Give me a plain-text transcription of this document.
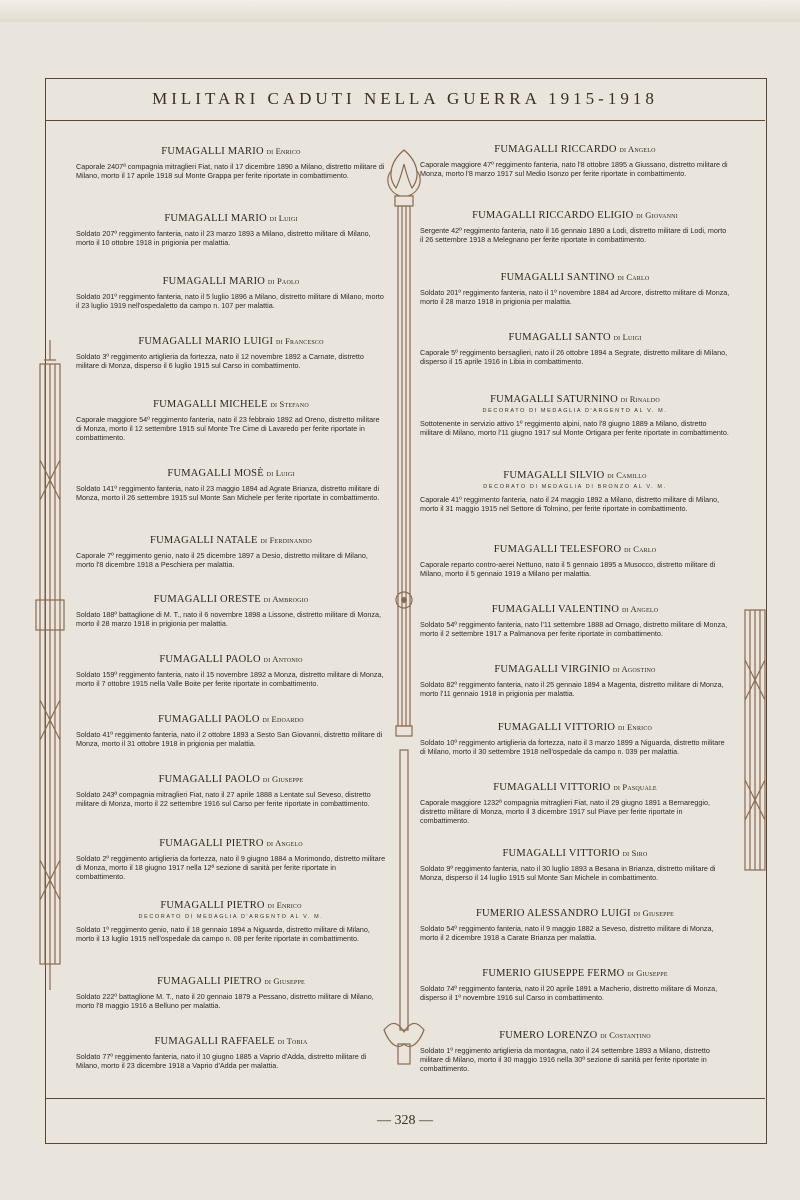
MILITARI CADUTI NELLA GUERRA 1915-1918
FUMAGALLI MARIO di Enrico
Caporale 2407ª compagnia mitraglieri Fiat, nato il 17 dicembre 1890 a Milano, distretto militare di Milano, morto il 17 aprile 1918 sul Monte Grappa per ferite riportate in combattimento.
FUMAGALLI MARIO di Luigi
Soldato 207º reggimento fanteria, nato il 23 marzo 1893 a Milano, distretto militare di Milano, morto il 10 ottobre 1918 in prigionia per malattia.
FUMAGALLI MARIO di Paolo
Soldato 201º reggimento fanteria, nato il 5 luglio 1896 a Milano, distretto militare di Milano, morto il 23 luglio 1919 nell'ospedaletto da campo n. 107 per malattia.
FUMAGALLI MARIO LUIGI di Francesco
Soldato 3º reggimento artiglieria da fortezza, nato il 12 novembre 1892 a Carnate, distretto militare di Monza, disperso il 6 luglio 1915 sul Carso in combattimento.
FUMAGALLI MICHELE di Stefano
Caporale maggiore 54º reggimento fanteria, nato il 23 febbraio 1892 ad Oreno, distretto militare di Monza, morto il 12 settembre 1915 sul Monte Tre Cime di Lavaredo per ferite riportate in combattimento.
FUMAGALLI MOSÈ di Luigi
Soldato 141º reggimento fanteria, nato il 23 maggio 1894 ad Agrate Brianza, distretto militare di Monza, morto il 26 settembre 1915 sul Monte San Michele per ferite riportate in combattimento.
FUMAGALLI NATALE di Ferdinando
Caporale 7º reggimento genio, nato il 25 dicembre 1897 a Desio, distretto militare di Milano, morto l'8 dicembre 1918 a Peschiera per malattia.
FUMAGALLI ORESTE di Ambrogio
Soldato 188º battaglione di M. T., nato il 6 novembre 1898 a Lissone, distretto militare di Monza, morto il 28 marzo 1918 in prigionia per malattia.
FUMAGALLI PAOLO di Antonio
Soldato 159º reggimento fanteria, nato il 15 novembre 1892 a Monza, distretto militare di Monza, morto il 7 ottobre 1915 nella Valle Boite per ferite riportate in combattimento.
FUMAGALLI PAOLO di Edoardo
Soldato 41º reggimento fanteria, nato il 2 ottobre 1893 a Sesto San Giovanni, distretto militare di Monza, morto il 31 ottobre 1918 in prigionia per malattia.
FUMAGALLI PAOLO di Giuseppe
Soldato 243ª compagnia mitraglieri Fiat, nato il 27 aprile 1888 a Lentate sul Seveso, distretto militare di Monza, morto il 22 settembre 1916 sul Carso per ferite riportate in combattimento.
FUMAGALLI PIETRO di Angelo
Soldato 2º reggimento artiglieria da fortezza, nato il 9 giugno 1884 a Morimondo, distretto militare di Monza, morto il 18 giugno 1917 nella 12ª sezione di sanità per ferite riportate in combattimento.
FUMAGALLI PIETRO di Enrico
DECORATO DI MEDAGLIA D'ARGENTO AL V. M.
Soldato 1º reggimento genio, nato il 18 gennaio 1894 a Niguarda, distretto militare di Milano, morto il 13 luglio 1915 nell'ospedale da campo n. 08 per ferite riportate in combattimento.
FUMAGALLI PIETRO di Giuseppe
Soldato 222º battaglione M. T., nato il 20 gennaio 1879 a Pessano, distretto militare di Milano, morto l'8 maggio 1916 a Belluno per malattia.
FUMAGALLI RAFFAELE di Tobia
Soldato 77º reggimento fanteria, nato il 10 giugno 1885 a Vaprio d'Adda, distretto militare di Milano, morto il 23 dicembre 1918 a Vaprio d'Adda per malattia.
FUMAGALLI RICCARDO di Angelo
Caporale maggiore 47º reggimento fanteria, nato l'8 ottobre 1895 a Giussano, distretto militare di Monza, morto l'8 marzo 1917 sul Medio Isonzo per ferite riportate in combattimento.
FUMAGALLI RICCARDO ELIGIO di Giovanni
Sergente 42º reggimento fanteria, nato il 16 gennaio 1890 a Lodi, distretto militare di Lodi, morto il 26 settembre 1918 a Melegnano per ferite riportate in combattimento.
FUMAGALLI SANTINO di Carlo
Soldato 201º reggimento fanteria, nato il 1º novembre 1884 ad Arcore, distretto militare di Monza, morto il 28 marzo 1918 in prigionia per malattia.
FUMAGALLI SANTO di Luigi
Caporale 5º reggimento bersaglieri, nato il 26 ottobre 1894 a Segrate, distretto militare di Milano, disperso il 15 aprile 1916 in Libia in combattimento.
FUMAGALLI SATURNINO di Rinaldo
DECORATO DI MEDAGLIA D'ARGENTO AL V. M.
Sottotenente in servizio attivo 1º reggimento alpini, nato l'8 giugno 1889 a Milano, distretto militare di Milano, morto l'11 giugno 1917 sul Monte Ortigara per ferite riportate in combattimento.
FUMAGALLI SILVIO di Camillo
DECORATO DI MEDAGLIA DI BRONZO AL V. M.
Caporale 41º reggimento fanteria, nato il 24 maggio 1892 a Milano, distretto militare di Milano, morto il 31 maggio 1915 nel Settore di Tolmino, per ferite riportate in combattimento.
FUMAGALLI TELESFORO di Carlo
Caporale reparto contro-aerei Nettuno, nato il 5 gennaio 1895 a Musocco, distretto militare di Milano, morto il 5 gennaio 1919 a Milano per malattia.
FUMAGALLI VALENTINO di Angelo
Soldato 54º reggimento fanteria, nato l'11 settembre 1888 ad Ornago, distretto militare di Monza, morto il 2 settembre 1917 a Palmanova per ferite riportate in combattimento.
FUMAGALLI VIRGINIO di Agostino
Soldato 82º reggimento fanteria, nato il 25 gennaio 1894 a Magenta, distretto militare di Monza, morto l'11 gennaio 1918 in prigionia per malattia.
FUMAGALLI VITTORIO di Enrico
Soldato 10º reggimento artiglieria da fortezza, nato il 3 marzo 1899 a Niguarda, distretto militare di Milano, morto il 30 settembre 1918 nell'ospedale da campo n. 039 per malattia.
FUMAGALLI VITTORIO di Pasquale
Caporale maggiore 1232ª compagnia mitraglieri Fiat, nato il 29 giugno 1891 a Bernareggio, distretto militare di Monza, morto il 3 dicembre 1917 sul Piave per ferite riportate in combattimento.
FUMAGALLI VITTORIO di Siro
Soldato 9º reggimento fanteria, nato il 30 luglio 1893 a Besana in Brianza, distretto militare di Monza, disperso il 14 luglio 1915 sul Monte San Michele in combattimento.
FUMERIO ALESSANDRO LUIGI di Giuseppe
Soldato 54º reggimento fanteria, nato il 9 maggio 1882 a Seveso, distretto militare di Monza, morto il 2 dicembre 1918 a Carate Brianza per malattia.
FUMERIO GIUSEPPE FERMO di Giuseppe
Soldato 74º reggimento fanteria, nato il 20 aprile 1891 a Macherio, distretto militare di Monza, disperso il 1º novembre 1916 sul Carso in combattimento.
FUMERO LORENZO di Costantino
Soldato 1º reggimento artiglieria da montagna, nato il 24 settembre 1893 a Milano, distretto militare di Milano, morto il 30 maggio 1916 nella 30ª sezione di sanità per ferite riportate in combattimento.
— 328 —
